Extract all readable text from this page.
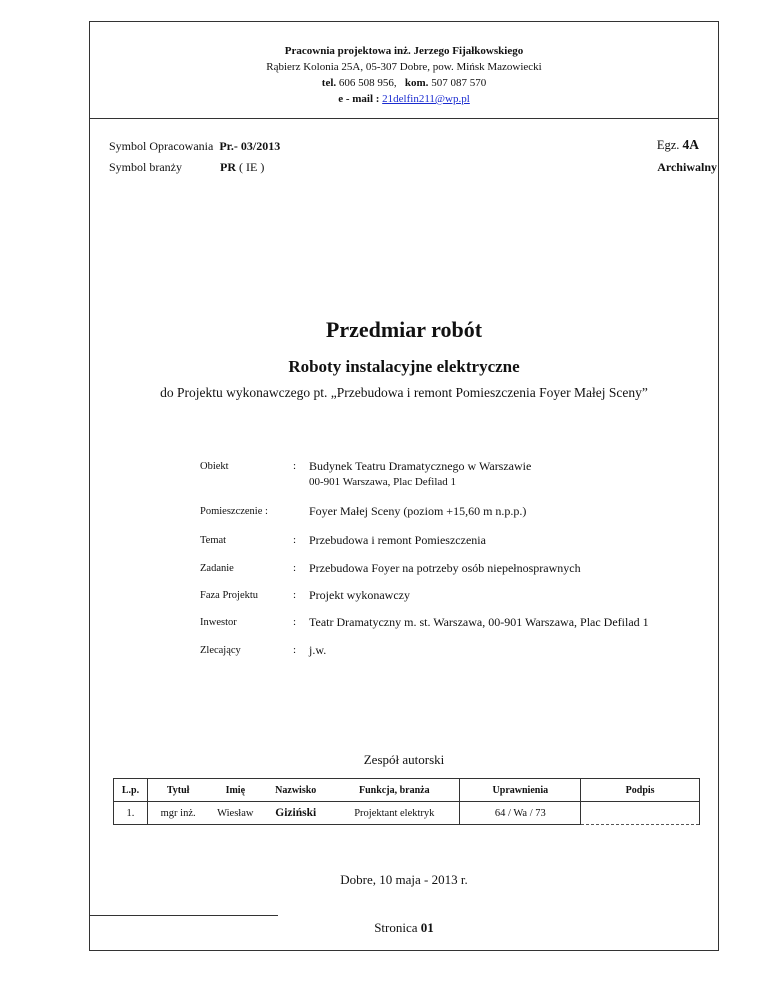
Pracownia projektowa inż. Jerzego Fijałkowskiego
Rąbierz Kolonia 25A, 05-307 Dobre, pow. Mińsk Mazowiecki
tel. 606 508 956, kom. 507 087 570
e - mail : 21delfin211@wp.pl
Symbol Opracowania Pr.- 03/2013
Symbol branży	PR ( IE )
Egz. 4A
Archiwalny
Przedmiar robót
Roboty instalacyjne elektryczne
do Projektu wykonawczego pt. „Przebudowa i remont Pomieszczenia Foyer Małej Sceny”
Obiekt	: Budynek Teatru Dramatycznego w Warszawie
00-901 Warszawa, Plac Defilad 1
Pomieszczenie :	Foyer Małej Sceny (poziom +15,60 m n.p.p.)
Temat	: Przebudowa i remont Pomieszczenia
Zadanie	: Przebudowa Foyer na potrzeby osób niepełnosprawnych
Faza Projektu	: Projekt wykonawczy
Inwestor	: Teatr Dramatyczny m. st. Warszawa, 00-901 Warszawa, Plac Defilad 1
Zlecający	: j.w.
Zespół autorski
L.p.	Tytuł	Imię	Nazwisko	Funkcja, branża	Uprawnienia	Podpis
1.	mgr inż.	Wiesław	Giziński	Projektant elektryk	64 / Wa / 73	
Dobre, 10 maja - 2013 r.
Stronica 01
